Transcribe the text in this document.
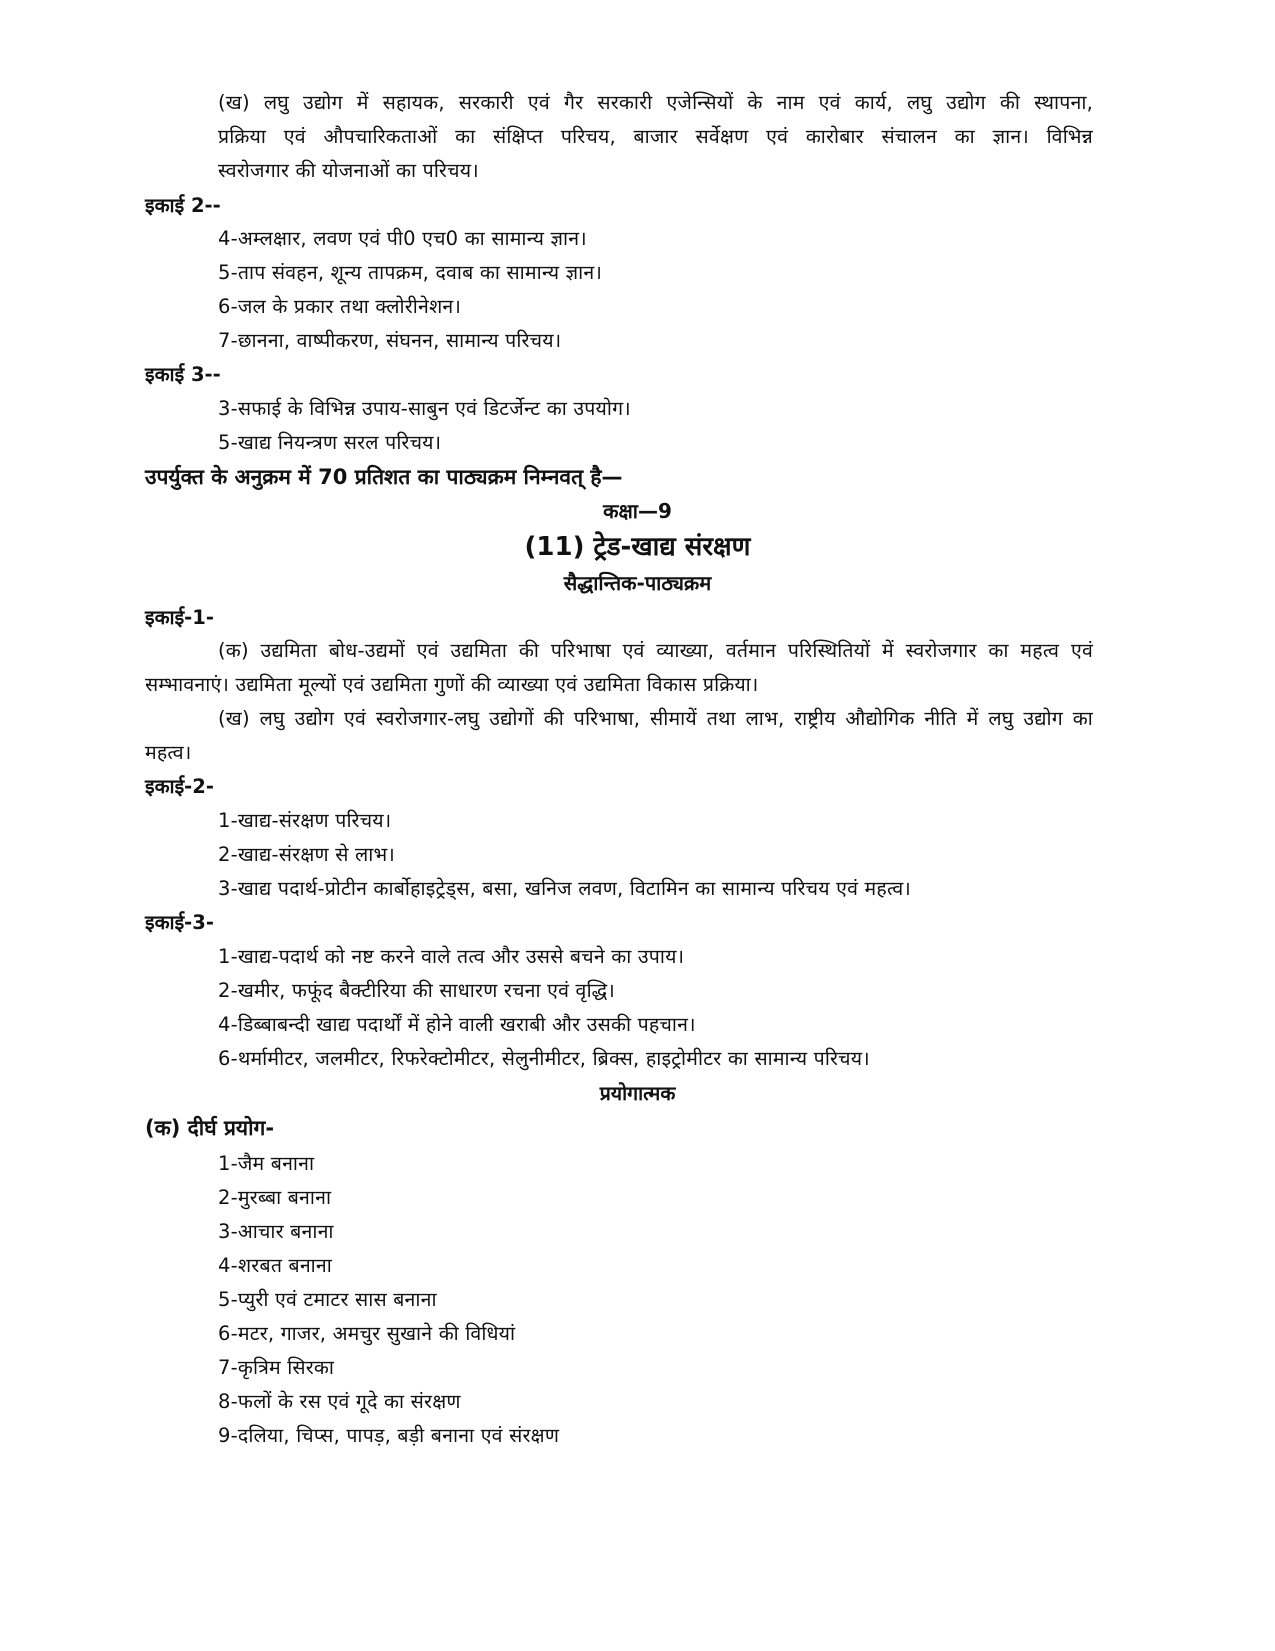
(ख) लघु उद्योग में सहायक, सरकारी एवं गैर सरकारी एजेन्सियों के नाम एवं कार्य, लघु उद्योग की स्थापना,
प्रक्रिया एवं औपचारिकताओं का संक्षिप्त परिचय, बाजार सर्वेक्षण एवं कारोबार संचालन का ज्ञान। विभिन्न
स्वरोजगार की योजनाओं का परिचय।
इकाई 2--
4-अम्लक्षार, लवण एवं पी0 एच0 का सामान्य ज्ञान।
5-ताप संवहन, शून्य तापक्रम, दवाब का सामान्य ज्ञान।
6-जल के प्रकार तथा क्लोरीनेशन।
7-छानना, वाष्पीकरण, संघनन, सामान्य परिचय।
इकाई 3--
3-सफाई के विभिन्न उपाय-साबुन एवं डिटर्जेन्ट का उपयोग।
5-खाद्य नियन्त्रण सरल परिचय।
उपर्युक्त के अनुक्रम में 70 प्रतिशत का पाठ्यक्रम निम्नवत् है—
कक्षा—9
(11) ट्रेड-खाद्य संरक्षण
सैद्धान्तिक-पाठ्यक्रम
इकाई-1-
(क) उद्यमिता बोध-उद्यमों एवं उद्यमिता की परिभाषा एवं व्याख्या, वर्तमान परिस्थितियों में स्वरोजगार का महत्व एवं
सम्भावनाएं। उद्यमिता मूल्यों एवं उद्यमिता गुणों की व्याख्या एवं उद्यमिता विकास प्रक्रिया।
(ख) लघु उद्योग एवं स्वरोजगार-लघु उद्योगों की परिभाषा, सीमायें तथा लाभ, राष्ट्रीय औद्योगिक नीति में लघु उद्योग का
महत्व।
इकाई-2-
1-खाद्य-संरक्षण परिचय।
2-खाद्य-संरक्षण से लाभ।
3-खाद्य पदार्थ-प्रोटीन कार्बोहाइट्रेड्स, बसा, खनिज लवण, विटामिन का सामान्य परिचय एवं महत्व।
इकाई-3-
1-खाद्य-पदार्थ को नष्ट करने वाले तत्व और उससे बचने का उपाय।
2-खमीर, फफूंद बैक्टीरिया की साधारण रचना एवं वृद्धि।
4-डिब्बाबन्दी खाद्य पदार्थों में होने वाली खराबी और उसकी पहचान।
6-थर्मामीटर, जलमीटर, रिफरेक्टोमीटर, सेलुनीमीटर, ब्रिक्स, हाइट्रोमीटर का सामान्य परिचय।
प्रयोगात्मक
(क) दीर्घ प्रयोग-
1-जैम बनाना
2-मुरब्बा बनाना
3-आचार बनाना
4-शरबत बनाना
5-प्युरी एवं टमाटर सास बनाना
6-मटर, गाजर, अमचुर सुखाने की विधियां
7-कृत्रिम सिरका
8-फलों के रस एवं गूदे का संरक्षण
9-दलिया, चिप्स, पापड़, बड़ी बनाना एवं संरक्षण
